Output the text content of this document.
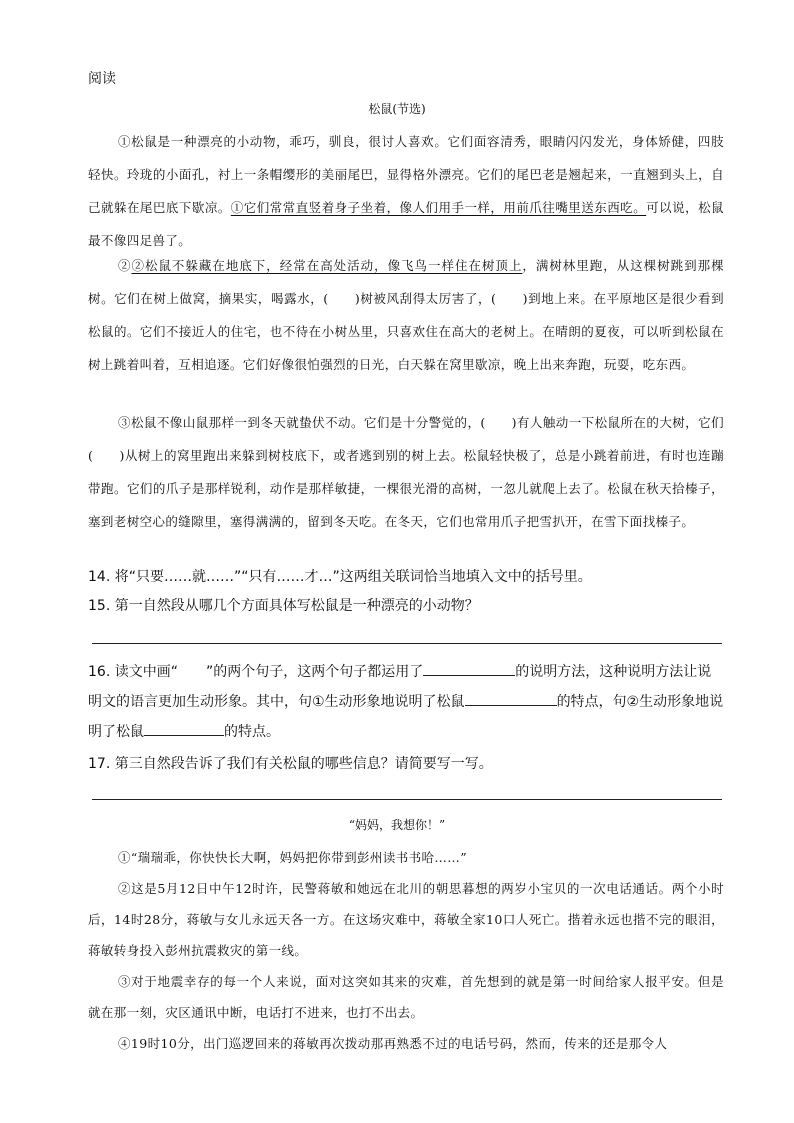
阅读
松鼠(节选)
①松鼠是一种漂亮的小动物，乖巧，驯良，很讨人喜欢。它们面容清秀，眼睛闪闪发光，身体矫健，四肢轻快。玲珑的小面孔，衬上一条帽缨形的美丽尾巴，显得格外漂亮。它们的尾巴老是翘起来，一直翘到头上，自己就躲在尾巴底下歇凉。①它们常常直竖着身子坐着，像人们用手一样，用前爪往嘴里送东西吃。可以说，松鼠最不像四足兽了。
②②松鼠不躲藏在地底下，经常在高处活动，像飞鸟一样住在树顶上，满树林里跑，从这棵树跳到那棵树。它们在树上做窝，摘果实，喝露水，(　　)树被风刮得太厉害了，(　　)到地上来。在平原地区是很少看到松鼠的。它们不接近人的住宅，也不待在小树丛里，只喜欢住在高大的老树上。在晴朗的夏夜，可以听到松鼠在树上跳着叫着，互相追逐。它们好像很怕强烈的日光，白天躲在窝里歇凉，晚上出来奔跑，玩耍，吃东西。
③松鼠不像山鼠那样一到冬天就蛰伏不动。它们是十分警觉的，(　　)有人触动一下松鼠所在的大树，它们(　　)从树上的窝里跑出来躲到树枝底下，或者逃到别的树上去。松鼠轻快极了，总是小跳着前进，有时也连蹦带跑。它们的爪子是那样锐利，动作是那样敏捷，一棵很光滑的高树，一忽儿就爬上去了。松鼠在秋天拾榛子，塞到老树空心的缝隙里，塞得满满的，留到冬天吃。在冬天，它们也常用爪子把雪扒开，在雪下面找榛子。
14. 将“只要……就……”“只有……才…”这两组关联词恰当地填入文中的括号里。
15. 第一自然段从哪几个方面具体写松鼠是一种漂亮的小动物？
16. 读文中画“　　”的两个句子，这两个句子都运用了	的说明方法，这种说明方法让说明文的语言更加生动形象。其中，句①生动形象地说明了松鼠	的特点，句②生动形象地说明了松鼠	的特点。
17. 第三自然段告诉了我们有关松鼠的哪些信息？请简要写一写。
“妈妈，我想你！”
①“瑞瑞乖，你快快长大啊，妈妈把你带到彭州读书书哈……”
②这是5月12日中午12时许，民警蒋敏和她远在北川的朝思暮想的两岁小宝贝的一次电话通话。两个小时后，14时28分，蒋敏与女儿永远天各一方。在这场灾难中，蒋敏全家10口人死亡。揩着永远也揩不完的眼泪，蒋敏转身投入彭州抗震救灾的第一线。
③对于地震幸存的每一个人来说，面对这突如其来的灾难，首先想到的就是第一时间给家人报平安。但是就在那一刻，灾区通讯中断，电话打不进来，也打不出去。
④19时10分，出门巡逻回来的蒋敏再次拨动那再熟悉不过的电话号码，然而，传来的还是那令人
